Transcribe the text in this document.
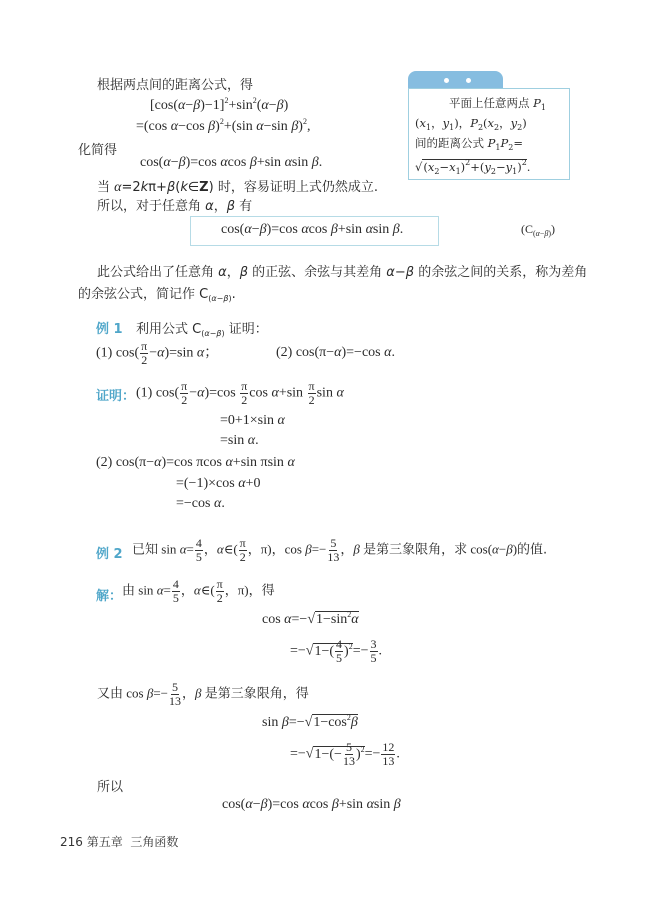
根据两点间的距离公式，得
$[\cos(\alpha-\beta)-1]^2+\sin^2(\alpha-\beta)$
=(cos α−cos β)$^2$+(sin α−sin β)$^2$,
化简得
cos(α−β)=cos αcos β+sin αsin β.
当 α=2kπ+β(k∈Z) 时，容易证明上式仍然成立.
所以，对于任意角 α，β 有
平面上任意两点 $P_1$
($x_1$，$y_1$)，$P_2(x_2$，$y_2$)
间的距离公式 $P_1P_2=$
$√(x_2-x_1)^2+(y_2-y_1)^2$.
cos(α−β)=cos αcos β+sin αsin β.	$(C_{(\alpha-\beta)})$
此公式给出了任意角 α，β 的正弦、余弦与其差角 α−β 的余弦之间的关系，称为差角
的余弦公式，简记作 $C_{(\alpha-\beta)}$.
例 1 利用公式 $C_{(\alpha-\beta)}$ 证明：
(1) $\cos( \frac{\pi}{2} -\alpha)=\sin$ α；	(2) cos(π−α)=−cos α.
证明： (1) $\cos( \frac{\pi}{2} -\alpha)=\cos \frac{\pi}{2}$ $\cos \alpha+\sin \frac{\pi}{2}$ sin α
=0+1×sin α
=sin α.
(2) cos(π−α)=cos πcos α+sin πsin α
=(−1)×cos α+0
=−cos α.
例 2 已知 $\sin \alpha= \frac{4}{5}$ ，α∈( $\frac{\pi}{2}$ ，π)，$\cos \beta=- \frac{5}{13}$ ，β 是第三象限角，求 cos(α−β)的值.
解： 由 $\sin \alpha= \frac{4}{5}$ ，α∈( $\frac{\pi}{2}$ ，π)，得
$\cos \alpha=-√1-\sin^2\alpha$
$=-√1-( \frac{4}{5} )^2=- \frac{3}{5}$ .
又由 $\cos \beta=- \frac{5}{13}$ ，β 是第三象限角，得
$\sin \beta=-√1-\cos^2\beta$
$=-√1-(- \frac{5}{13} )^2=- \frac{12}{13}$ .
所以
cos(α−β)=cos αcos β+sin αsin β
216 第五章 三角函数
